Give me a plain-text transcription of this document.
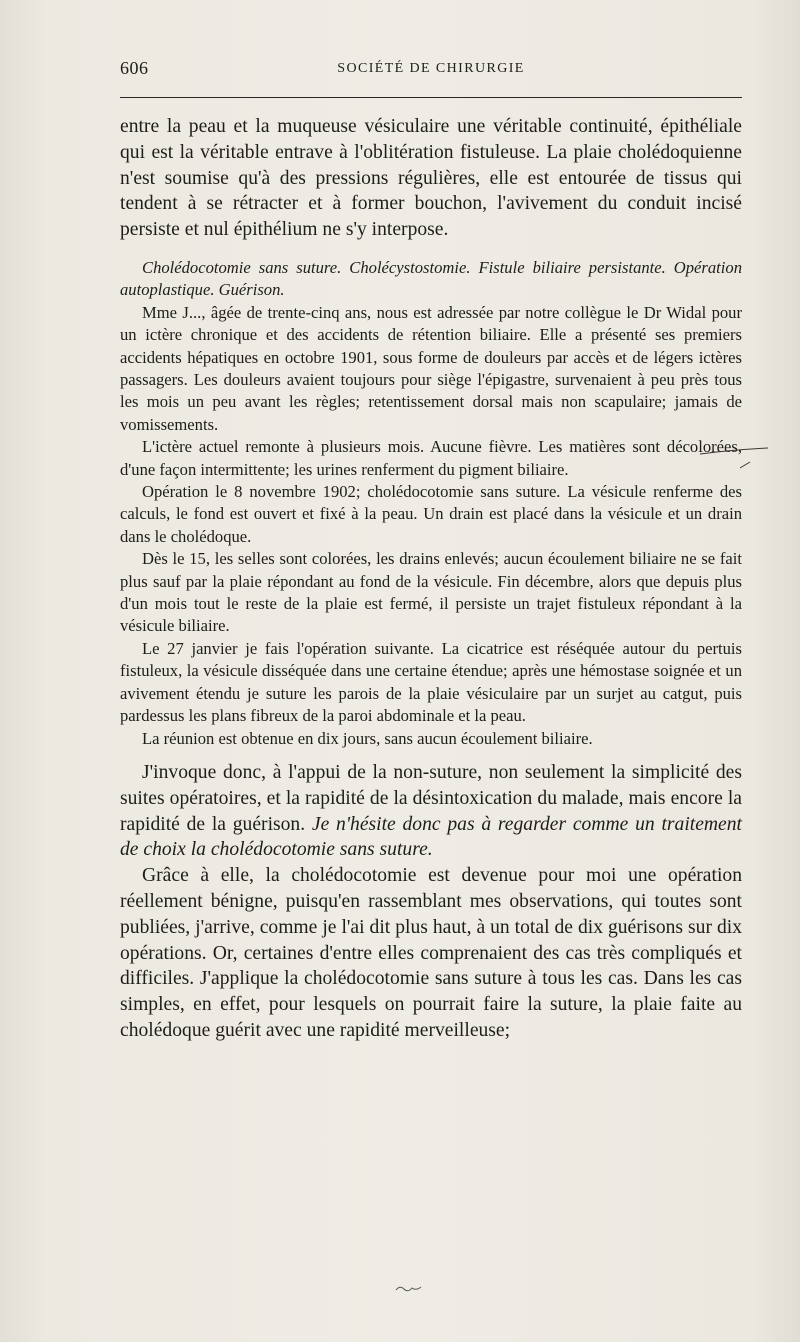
606	SOCIÉTÉ DE CHIRURGIE

entre la peau et la muqueuse vésiculaire une véritable continuité, épithéliale qui est la véritable entrave à l'oblitération fistuleuse. La plaie cholédoquienne n'est soumise qu'à des pressions régulières, elle est entourée de tissus qui tendent à se rétracter et à former bouchon, l'avivement du conduit incisé persiste et nul épithélium ne s'y interpose.

Cholédocotomie sans suture. Cholécystostomie. Fistule biliaire persistante. Opération autoplastique. Guérison.

Mme J..., âgée de trente-cinq ans, nous est adressée par notre collègue le Dr Widal pour un ictère chronique et des accidents de rétention biliaire. Elle a présenté ses premiers accidents hépatiques en octobre 1901, sous forme de douleurs par accès et de légers ictères passagers. Les douleurs avaient toujours pour siège l'épigastre, survenaient à peu près tous les mois un peu avant les règles; retentissement dorsal mais non scapulaire; jamais de vomissements.

L'ictère actuel remonte à plusieurs mois. Aucune fièvre. Les matières sont décolorées, d'une façon intermittente; les urines renferment du pigment biliaire.

Opération le 8 novembre 1902; cholédocotomie sans suture. La vésicule renferme des calculs, le fond est ouvert et fixé à la peau. Un drain est placé dans la vésicule et un drain dans le cholédoque.

Dès le 15, les selles sont colorées, les drains enlevés; aucun écoulement biliaire ne se fait plus sauf par la plaie répondant au fond de la vésicule. Fin décembre, alors que depuis plus d'un mois tout le reste de la plaie est fermé, il persiste un trajet fistuleux répondant à la vésicule biliaire.

Le 27 janvier je fais l'opération suivante. La cicatrice est réséquée autour du pertuis fistuleux, la vésicule disséquée dans une certaine étendue; après une hémostase soignée et un avivement étendu je suture les parois de la plaie vésiculaire par un surjet au catgut, puis pardessus les plans fibreux de la paroi abdominale et la peau.

La réunion est obtenue en dix jours, sans aucun écoulement biliaire.

J'invoque donc, à l'appui de la non-suture, non seulement la simplicité des suites opératoires, et la rapidité de la désintoxication du malade, mais encore la rapidité de la guérison. Je n'hésite donc pas à regarder comme un traitement de choix la cholédocotomie sans suture.

Grâce à elle, la cholédocotomie est devenue pour moi une opération réellement bénigne, puisqu'en rassemblant mes observations, qui toutes sont publiées, j'arrive, comme je l'ai dit plus haut, à un total de dix guérisons sur dix opérations. Or, certaines d'entre elles comprenaient des cas très compliqués et difficiles. J'applique la cholédocotomie sans suture à tous les cas. Dans les cas simples, en effet, pour lesquels on pourrait faire la suture, la plaie faite au cholédoque guérit avec une rapidité merveilleuse;
